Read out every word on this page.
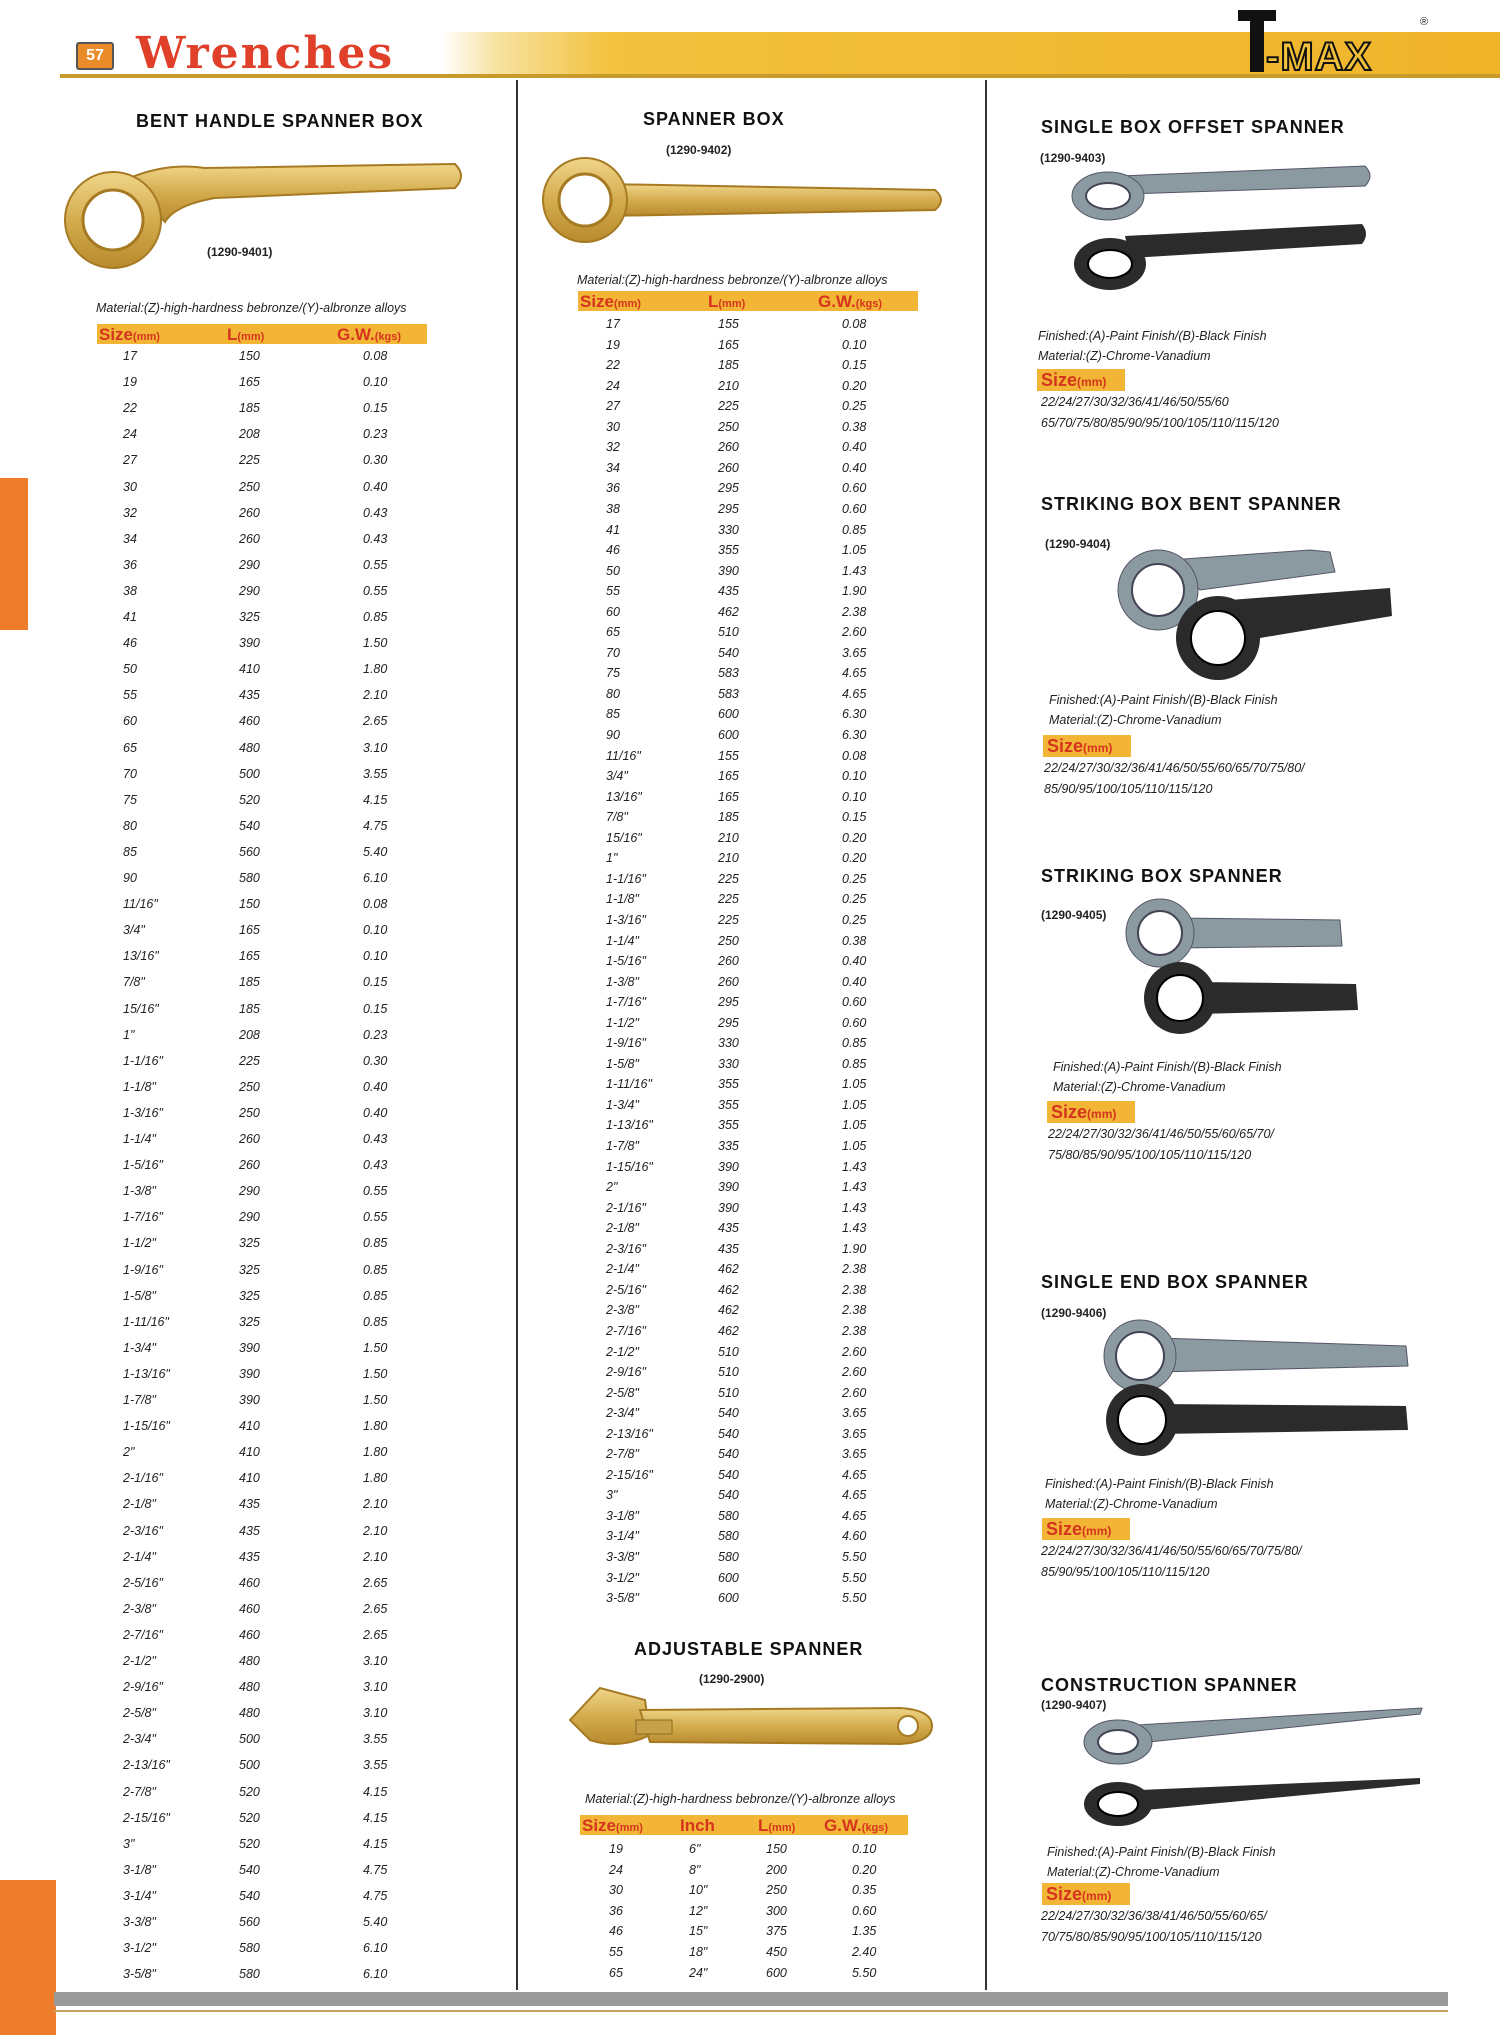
57 Wrenches	-MAX
®
BENT HANDLE SPANNER BOX
(1290-9401)
Material:(Z)-high-hardness bebronze/(Y)-albronze alloys
Size(mm)	L(mm)	G.W.(kgs)
17	150	0.08
19	165	0.10
22	185	0.15
24	208	0.23
27	225	0.30
30	250	0.40
32	260	0.43
34	260	0.43
36	290	0.55
38	290	0.55
41	325	0.85
46	390	1.50
50	410	1.80
55	435	2.10
60	460	2.65
65	480	3.10
70	500	3.55
75	520	4.15
80	540	4.75
85	560	5.40
90	580	6.10
11/16"	150	0.08
3/4"	165	0.10
13/16"	165	0.10
7/8"	185	0.15
15/16"	185	0.15
1"	208	0.23
1-1/16"	225	0.30
1-1/8"	250	0.40
1-3/16"	250	0.40
1-1/4"	260	0.43
1-5/16"	260	0.43
1-3/8"	290	0.55
1-7/16"	290	0.55
1-1/2"	325	0.85
1-9/16"	325	0.85
1-5/8"	325	0.85
1-11/16"	325	0.85
1-3/4"	390	1.50
1-13/16"	390	1.50
1-7/8"	390	1.50
1-15/16"	410	1.80
2"	410	1.80
2-1/16"	410	1.80
2-1/8"	435	2.10
2-3/16"	435	2.10
2-1/4"	435	2.10
2-5/16"	460	2.65
2-3/8"	460	2.65
2-7/16"	460	2.65
2-1/2"	480	3.10
2-9/16"	480	3.10
2-5/8"	480	3.10
2-3/4"	500	3.55
2-13/16"	500	3.55
2-7/8"	520	4.15
2-15/16"	520	4.15
3"	520	4.15
3-1/8"	540	4.75
3-1/4"	540	4.75
3-3/8"	560	5.40
3-1/2"	580	6.10
3-5/8"	580	6.10
SPANNER BOX
(1290-9402)
Material:(Z)-high-hardness bebronze/(Y)-albronze alloys
Size(mm)	L(mm)	G.W.(kgs)
17	155	0.08
19	165	0.10
22	185	0.15
24	210	0.20
27	225	0.25
30	250	0.38
32	260	0.40
34	260	0.40
36	295	0.60
38	295	0.60
41	330	0.85
46	355	1.05
50	390	1.43
55	435	1.90
60	462	2.38
65	510	2.60
70	540	3.65
75	583	4.65
80	583	4.65
85	600	6.30
90	600	6.30
11/16"	155	0.08
3/4"	165	0.10
13/16"	165	0.10
7/8"	185	0.15
15/16"	210	0.20
1"	210	0.20
1-1/16"	225	0.25
1-1/8"	225	0.25
1-3/16"	225	0.25
1-1/4"	250	0.38
1-5/16"	260	0.40
1-3/8"	260	0.40
1-7/16"	295	0.60
1-1/2"	295	0.60
1-9/16"	330	0.85
1-5/8"	330	0.85
1-11/16"	355	1.05
1-3/4"	355	1.05
1-13/16"	355	1.05
1-7/8"	335	1.05
1-15/16"	390	1.43
2"	390	1.43
2-1/16"	390	1.43
2-1/8"	435	1.43
2-3/16"	435	1.90
2-1/4"	462	2.38
2-5/16"	462	2.38
2-3/8"	462	2.38
2-7/16"	462	2.38
2-1/2"	510	2.60
2-9/16"	510	2.60
2-5/8"	510	2.60
2-3/4"	540	3.65
2-13/16"	540	3.65
2-7/8"	540	3.65
2-15/16"	540	4.65
3"	540	4.65
3-1/8"	580	4.65
3-1/4"	580	4.60
3-3/8"	580	5.50
3-1/2"	600	5.50
3-5/8"	600	5.50
ADJUSTABLE SPANNER
(1290-2900)
Material:(Z)-high-hardness bebronze/(Y)-albronze alloys
Size(mm) Inch	L(mm) G.W.(kgs)
19	6"	150	0.10
24	8"	200	0.20
30	10"	250	0.35
36	12"	300	0.60
46	15"	375	1.35
55	18"	450	2.40
65	24"	600	5.50
SINGLE BOX OFFSET SPANNER
(1290-9403)
Finished:(A)-Paint Finish/(B)-Black Finish
Material:(Z)-Chrome-Vanadium
Size(mm)
22/24/27/30/32/36/41/46/50/55/60
65/70/75/80/85/90/95/100/105/110/115/120
STRIKING BOX BENT SPANNER
(1290-9404)
Finished:(A)-Paint Finish/(B)-Black Finish
Material:(Z)-Chrome-Vanadium
Size(mm)
22/24/27/30/32/36/41/46/50/55/60/65/70/75/80/
85/90/95/100/105/110/115/120
STRIKING BOX SPANNER
(1290-9405)
Finished:(A)-Paint Finish/(B)-Black Finish
Material:(Z)-Chrome-Vanadium
Size(mm)
22/24/27/30/32/36/41/46/50/55/60/65/70/
75/80/85/90/95/100/105/110/115/120
SINGLE END BOX SPANNER
(1290-9406)
Finished:(A)-Paint Finish/(B)-Black Finish
Material:(Z)-Chrome-Vanadium
Size(mm)
22/24/27/30/32/36/41/46/50/55/60/65/70/75/80/
85/90/95/100/105/110/115/120
CONSTRUCTION SPANNER
(1290-9407)
Finished:(A)-Paint Finish/(B)-Black Finish
Material:(Z)-Chrome-Vanadium
Size(mm)
22/24/27/30/32/36/38/41/46/50/55/60/65/
70/75/80/85/90/95/100/105/110/115/120
